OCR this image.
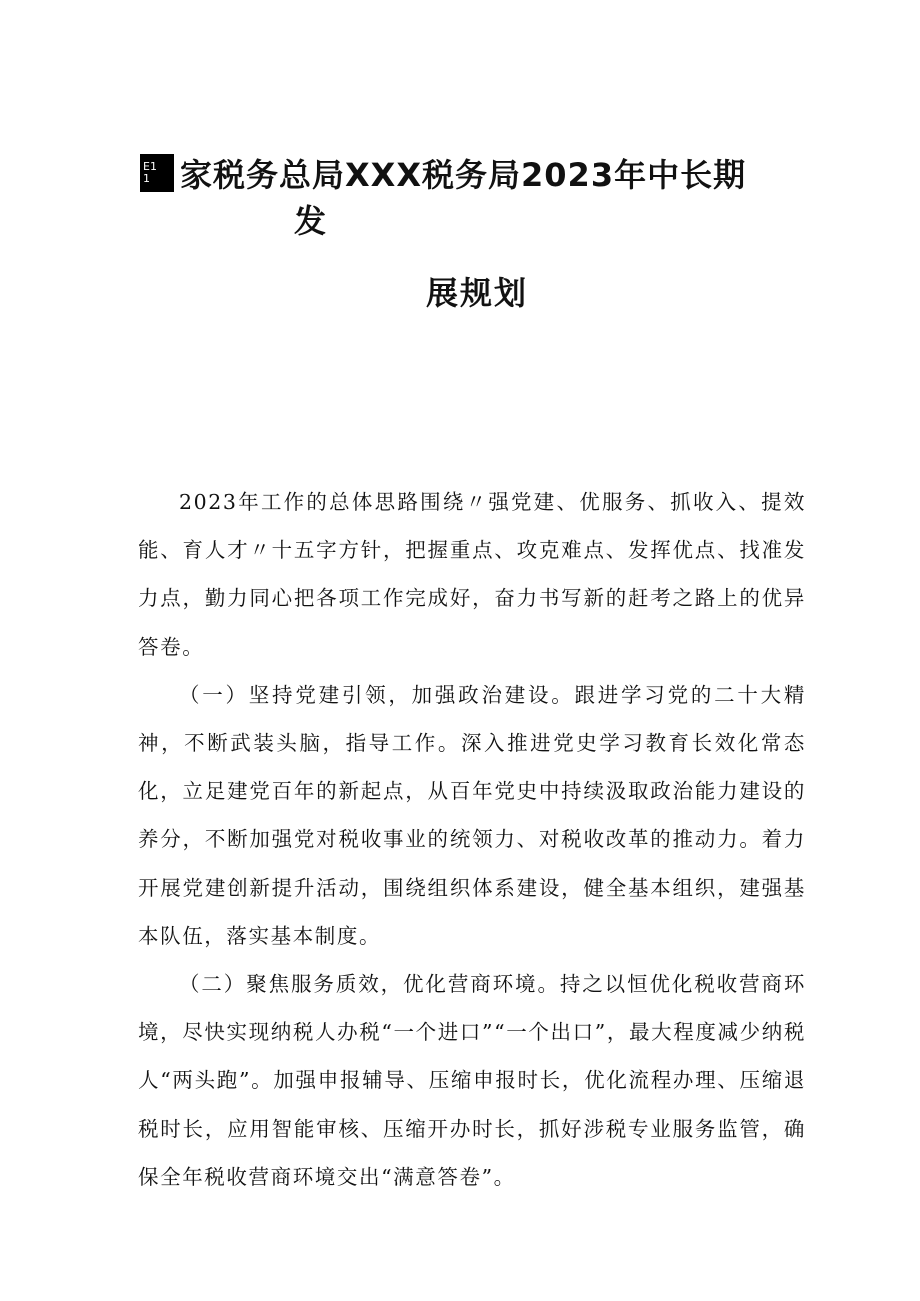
E1
1 家税务总局XXX税务局2023年中长期
发
展规划

2023年工作的总体思路围绕〃强党建、优服务、抓收入、提效能、育人才〃十五字方针，把握重点、攻克难点、发挥优点、找准发力点，勤力同心把各项工作完成好，奋力书写新的赶考之路上的优异答卷。

（一）坚持党建引领，加强政治建设。跟进学习党的二十大精神，不断武装头脑，指导工作。深入推进党史学习教育长效化常态化，立足建党百年的新起点，从百年党史中持续汲取政治能力建设的养分，不断加强党对税收事业的统领力、对税收改革的推动力。着力开展党建创新提升活动，围绕组织体系建设，健全基本组织，建强基本队伍，落实基本制度。

（二）聚焦服务质效，优化营商环境。持之以恒优化税收营商环境，尽快实现纳税人办税“一个进口”“一个出口”，最大程度减少纳税人“两头跑”。加强申报辅导、压缩申报时长，优化流程办理、压缩退税时长，应用智能审核、压缩开办时长，抓好涉税专业服务监管，确保全年税收营商环境交出“满意答卷”。
